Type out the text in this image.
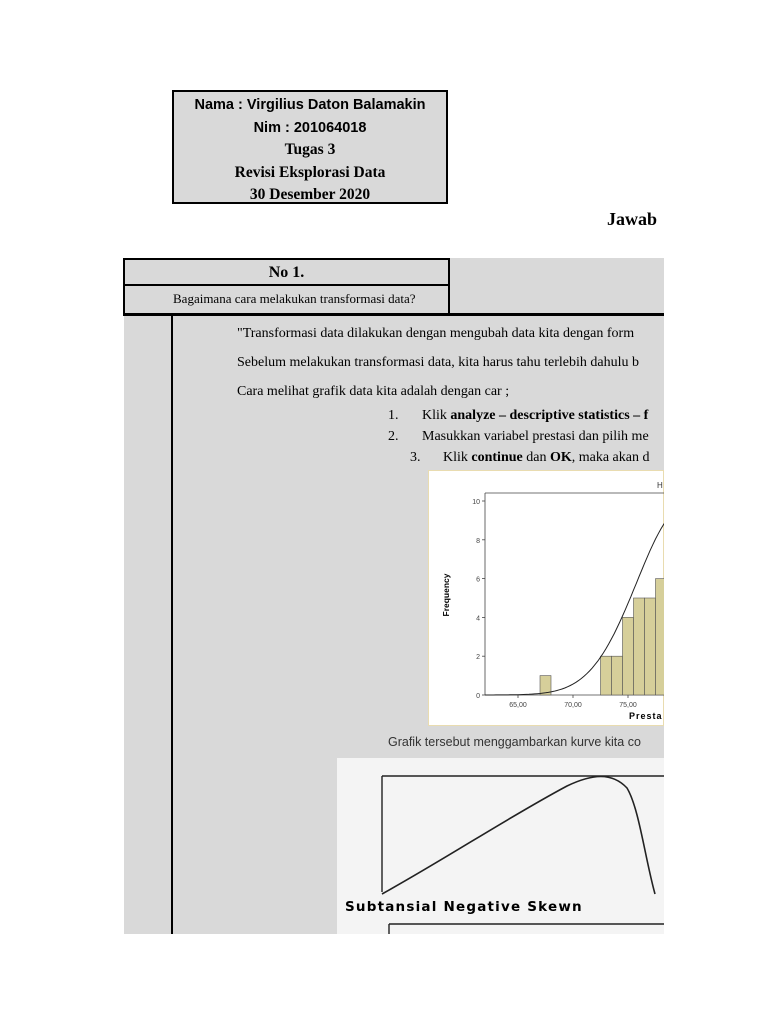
Nama : Virgilius Daton Balamakin
Nim : 201064018
Tugas 3
Revisi Eksplorasi Data
30 Desember 2020
Jawab
No 1.
Bagaimana cara melakukan transformasi data?
"Transformasi data dilakukan dengan mengubah data kita dengan form
Sebelum melakukan transformasi data, kita harus tahu terlebih dahulu b
Cara melihat grafik data kita adalah dengan car ;
1. Klik analyze – descriptive statistics – f
2. Masukkan variabel prestasi dan pilih me
3. Klik continue dan OK, maka akan d
H
Frequency
Presta
0
2
4
6
8
10
65,00	70,00	75,00
Grafik tersebut menggambarkan kurve kita co
Subtansial Negative Skewn
